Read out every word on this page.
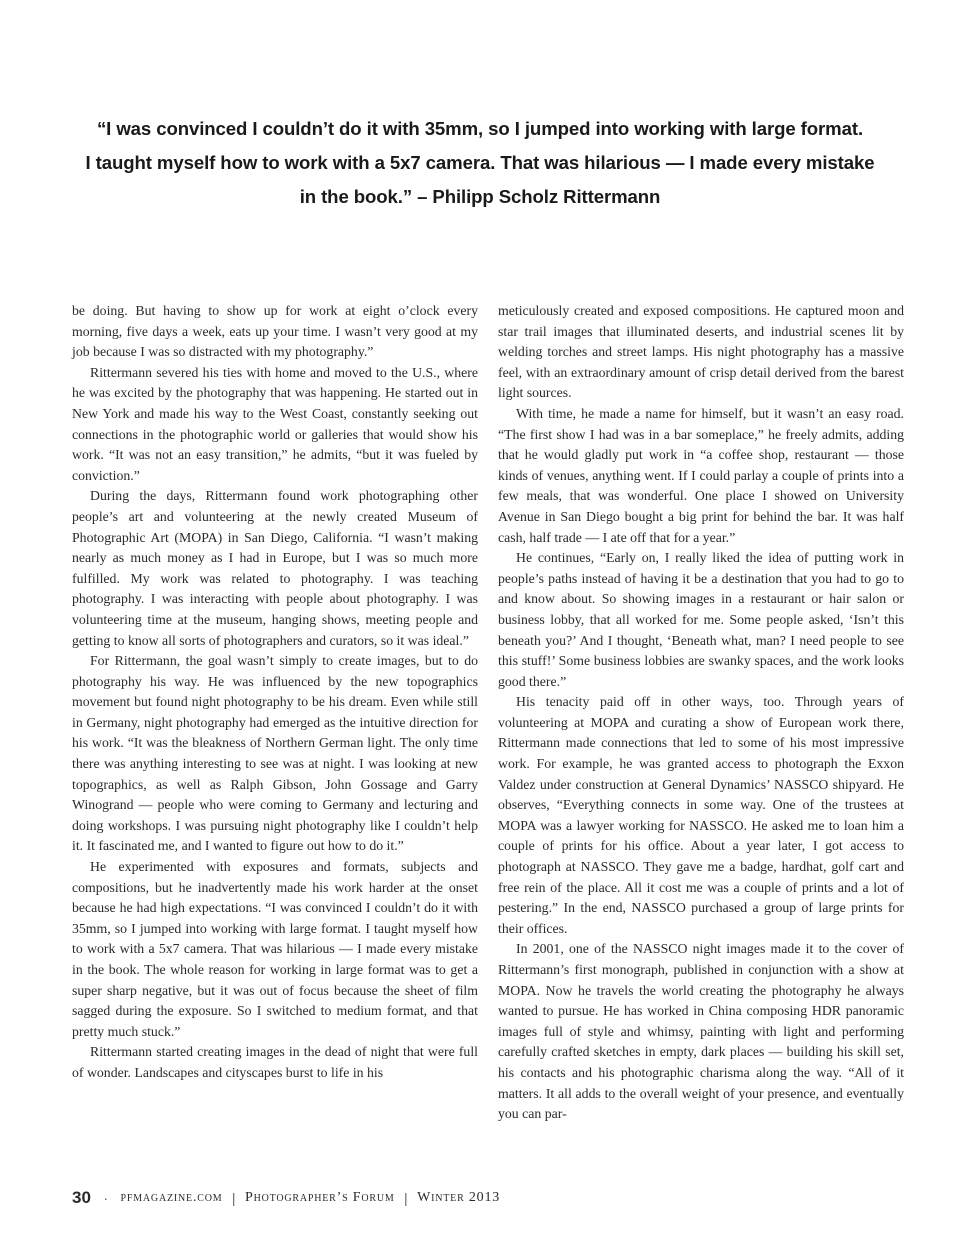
“I was convinced I couldn’t do it with 35mm, so I jumped into working with large format.
I taught myself how to work with a 5x7 camera. That was hilarious — I made every mistake
in the book.” – Philipp Scholz Rittermann

be doing. But having to show up for work at eight o’clock every morning, five days a week, eats up your time. I wasn’t very good at my job because I was so distracted with my photography.”

Rittermann severed his ties with home and moved to the U.S., where he was excited by the photography that was happening. He started out in New York and made his way to the West Coast, constantly seeking out connections in the photographic world or galleries that would show his work. “It was not an easy transition,” he admits, “but it was fueled by conviction.”

During the days, Rittermann found work photographing other people’s art and volunteering at the newly created Museum of Photographic Art (MOPA) in San Diego, California. “I wasn’t making nearly as much money as I had in Europe, but I was so much more fulfilled. My work was related to photography. I was teaching photography. I was interacting with people about photography. I was volunteering time at the museum, hanging shows, meeting people and getting to know all sorts of photographers and curators, so it was ideal.”

For Rittermann, the goal wasn’t simply to create images, but to do photography his way. He was influenced by the new topographics movement but found night photography to be his dream. Even while still in Germany, night photography had emerged as the intuitive direction for his work. “It was the bleakness of Northern German light. The only time there was anything interesting to see was at night. I was looking at new topographics, as well as Ralph Gibson, John Gossage and Garry Winogrand — people who were coming to Germany and lecturing and doing workshops. I was pursuing night photography like I couldn’t help it. It fascinated me, and I wanted to figure out how to do it.”

He experimented with exposures and formats, subjects and compositions, but he inadvertently made his work harder at the onset because he had high expectations. “I was convinced I couldn’t do it with 35mm, so I jumped into working with large format. I taught myself how to work with a 5x7 camera. That was hilarious — I made every mistake in the book. The whole reason for working in large format was to get a super sharp negative, but it was out of focus because the sheet of film sagged during the exposure. So I switched to medium format, and that pretty much stuck.”

Rittermann started creating images in the dead of night that were full of wonder. Landscapes and cityscapes burst to life in his

meticulously created and exposed compositions. He captured moon and star trail images that illuminated deserts, and industrial scenes lit by welding torches and street lamps. His night photography has a massive feel, with an extraordinary amount of crisp detail derived from the barest light sources.

With time, he made a name for himself, but it wasn’t an easy road. “The first show I had was in a bar someplace,” he freely admits, adding that he would gladly put work in “a coffee shop, restaurant — those kinds of venues, anything went. If I could parlay a couple of prints into a few meals, that was wonderful. One place I showed on University Avenue in San Diego bought a big print for behind the bar. It was half cash, half trade — I ate off that for a year.”

He continues, “Early on, I really liked the idea of putting work in people’s paths instead of having it be a destination that you had to go to and know about. So showing images in a restaurant or hair salon or business lobby, that all worked for me. Some people asked, ‘Isn’t this beneath you?’ And I thought, ‘Beneath what, man? I need people to see this stuff!’ Some business lobbies are swanky spaces, and the work looks good there.”

His tenacity paid off in other ways, too. Through years of volunteering at MOPA and curating a show of European work there, Rittermann made connections that led to some of his most impressive work. For example, he was granted access to photograph the Exxon Valdez under construction at General Dynamics’ NASSCO shipyard. He observes, “Everything connects in some way. One of the trustees at MOPA was a lawyer working for NASSCO. He asked me to loan him a couple of prints for his office. About a year later, I got access to photograph at NASSCO. They gave me a badge, hardhat, golf cart and free rein of the place. All it cost me was a couple of prints and a lot of pestering.” In the end, NASSCO purchased a group of large prints for their offices.

In 2001, one of the NASSCO night images made it to the cover of Rittermann’s first monograph, published in conjunction with a show at MOPA. Now he travels the world creating the photography he always wanted to pursue. He has worked in China composing HDR panoramic images full of style and whimsy, painting with light and performing carefully crafted sketches in empty, dark places — building his skill set, his contacts and his photographic charisma along the way. “All of it matters. It all adds to the overall weight of your presence, and eventually you can par-

30 · pfmagazine.com | Photographer’s Forum | Winter 2013
